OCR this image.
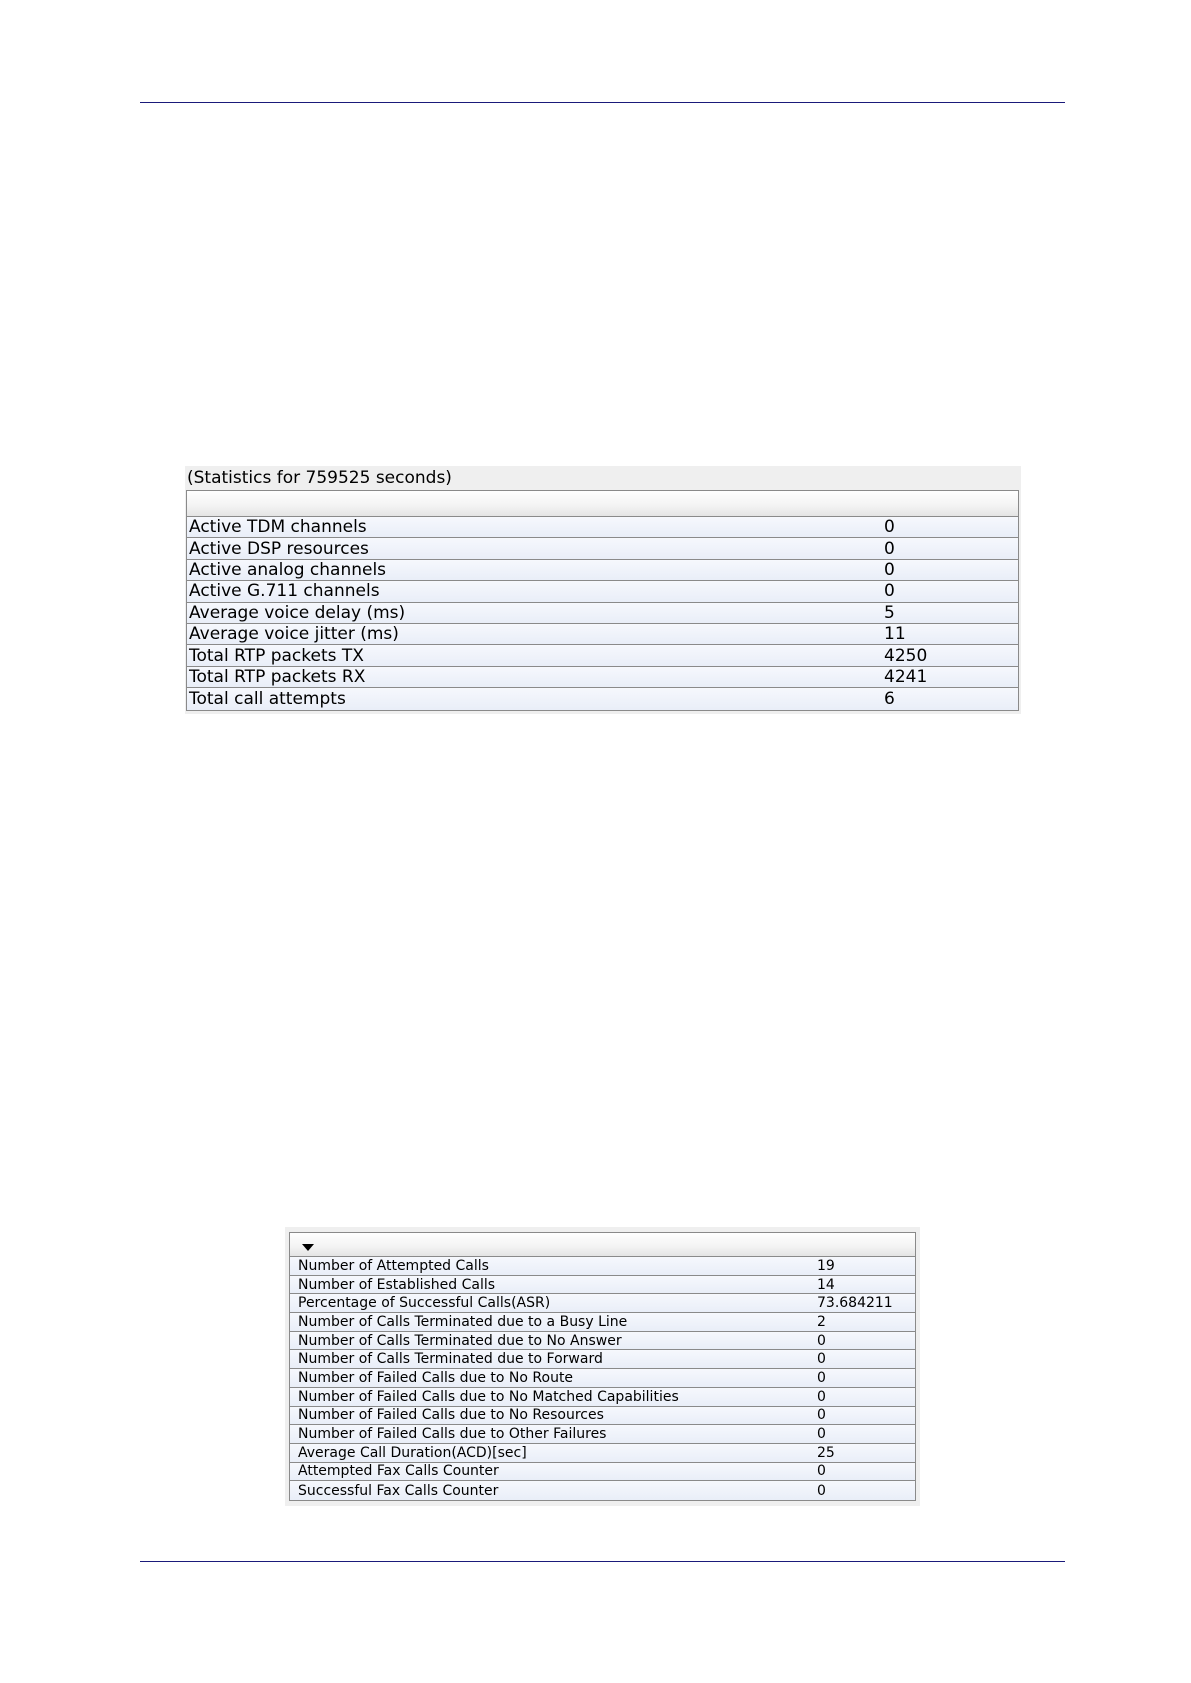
(Statistics for 759525 seconds)
Active TDM channels	0
Active DSP resources	0
Active analog channels	0
Active G.711 channels	0
Average voice delay (ms)	5
Average voice jitter (ms)	11
Total RTP packets TX	4250
Total RTP packets RX	4241
Total call attempts	6
Number of Attempted Calls	19
Number of Established Calls	14
Percentage of Successful Calls(ASR)	73.684211
Number of Calls Terminated due to a Busy Line	2
Number of Calls Terminated due to No Answer	0
Number of Calls Terminated due to Forward	0
Number of Failed Calls due to No Route	0
Number of Failed Calls due to No Matched Capabilities	0
Number of Failed Calls due to No Resources	0
Number of Failed Calls due to Other Failures	0
Average Call Duration(ACD)[sec]	25
Attempted Fax Calls Counter	0
Successful Fax Calls Counter	0
